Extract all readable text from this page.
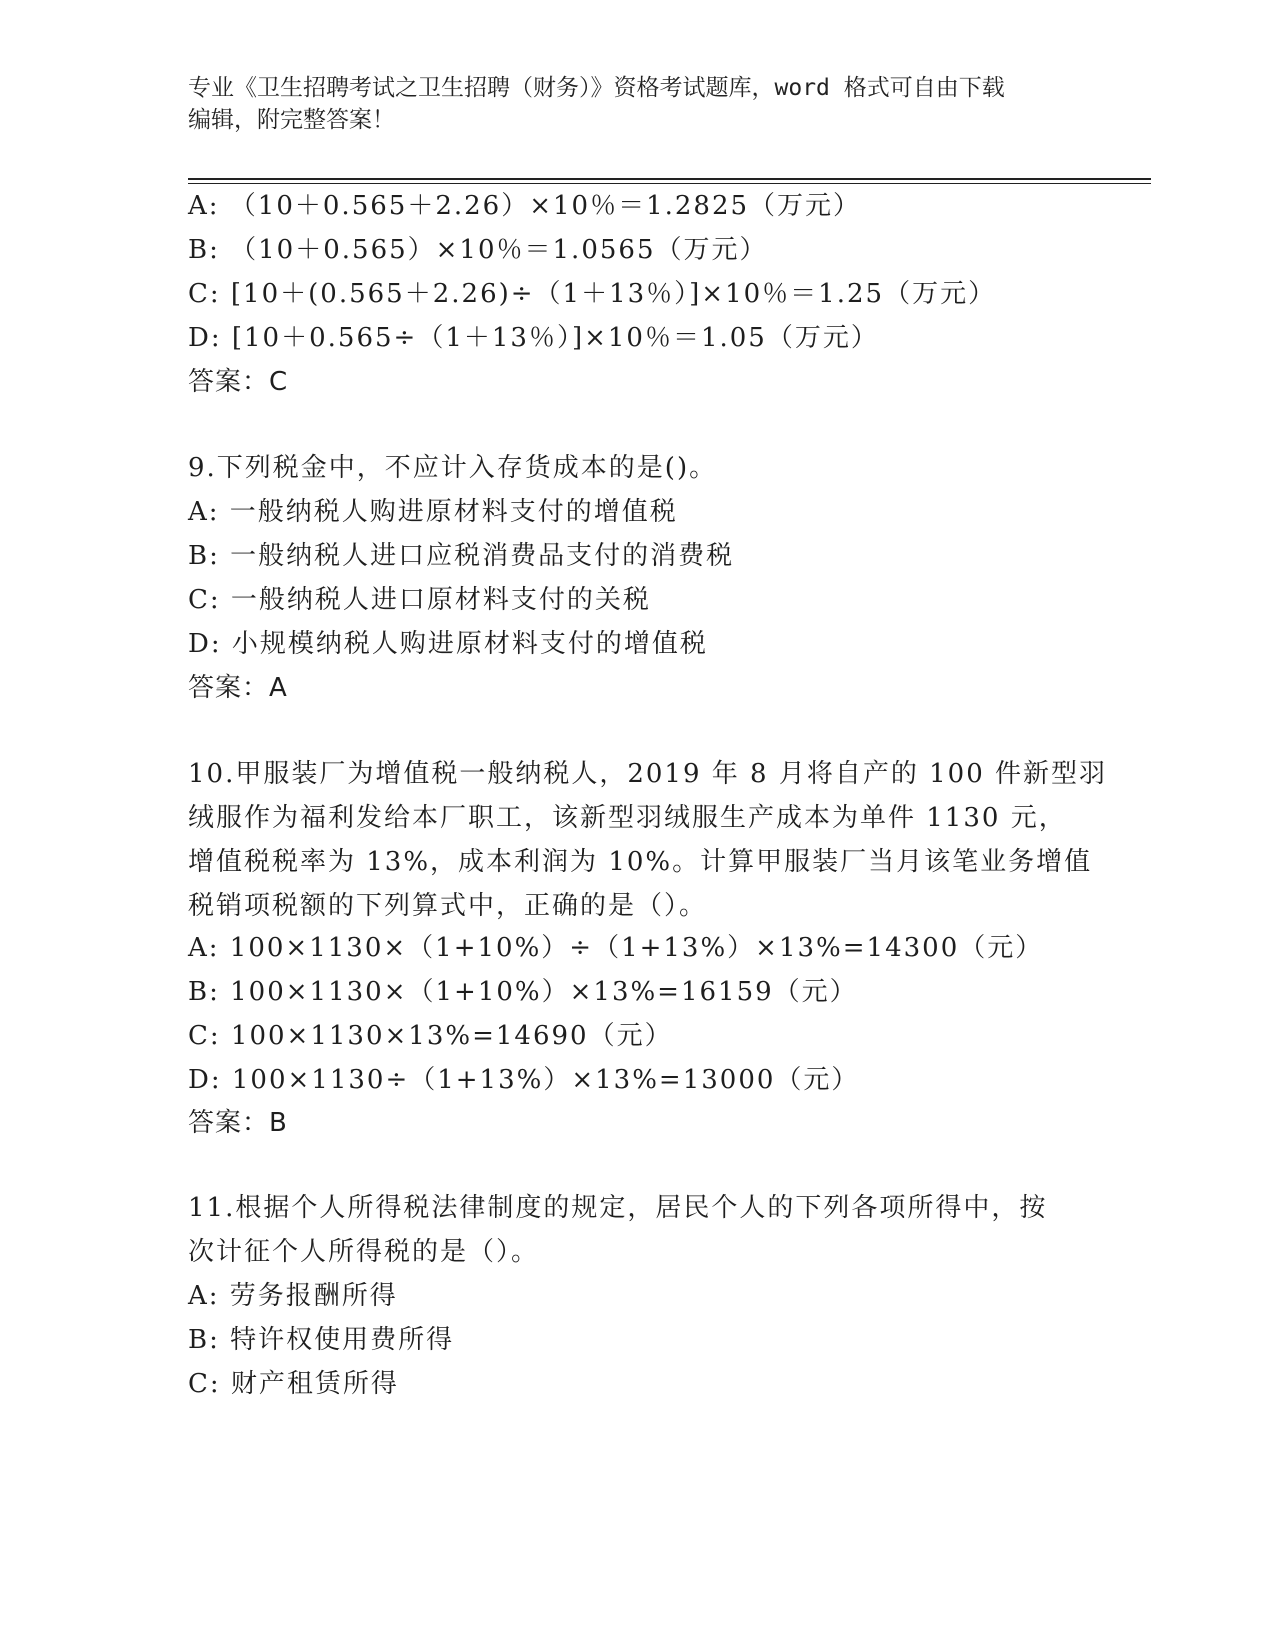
专业《卫生招聘考试之卫生招聘（财务）》资格考试题库，word 格式可自由下载
编辑，附完整答案！
A: （10＋0.565＋2.26）×10％＝1.2825（万元）
B: （10＋0.565）×10％＝1.0565（万元）
C: [10＋(0.565＋2.26)÷（1＋13％）]×10％＝1.25（万元）
D: [10＋0.565÷（1＋13％）]×10％＝1.05（万元）
答案：C
9.下列税金中，不应计入存货成本的是()。
A: 一般纳税人购进原材料支付的增值税
B: 一般纳税人进口应税消费品支付的消费税
C: 一般纳税人进口原材料支付的关税
D: 小规模纳税人购进原材料支付的增值税
答案：A
10.甲服装厂为增值税一般纳税人，2019 年 8 月将自产的 100 件新型羽
绒服作为福利发给本厂职工，该新型羽绒服生产成本为单件 1130 元，
增值税税率为 13%，成本利润为 10%。计算甲服装厂当月该笔业务增值
税销项税额的下列算式中，正确的是（）。
A: 100×1130×（1+10%）÷（1+13%）×13%=14300（元）
B: 100×1130×（1+10%）×13%=16159（元）
C: 100×1130×13%=14690（元）
D: 100×1130÷（1+13%）×13%=13000（元）
答案：B
11.根据个人所得税法律制度的规定，居民个人的下列各项所得中，按
次计征个人所得税的是（）。
A: 劳务报酬所得
B: 特许权使用费所得
C: 财产租赁所得
